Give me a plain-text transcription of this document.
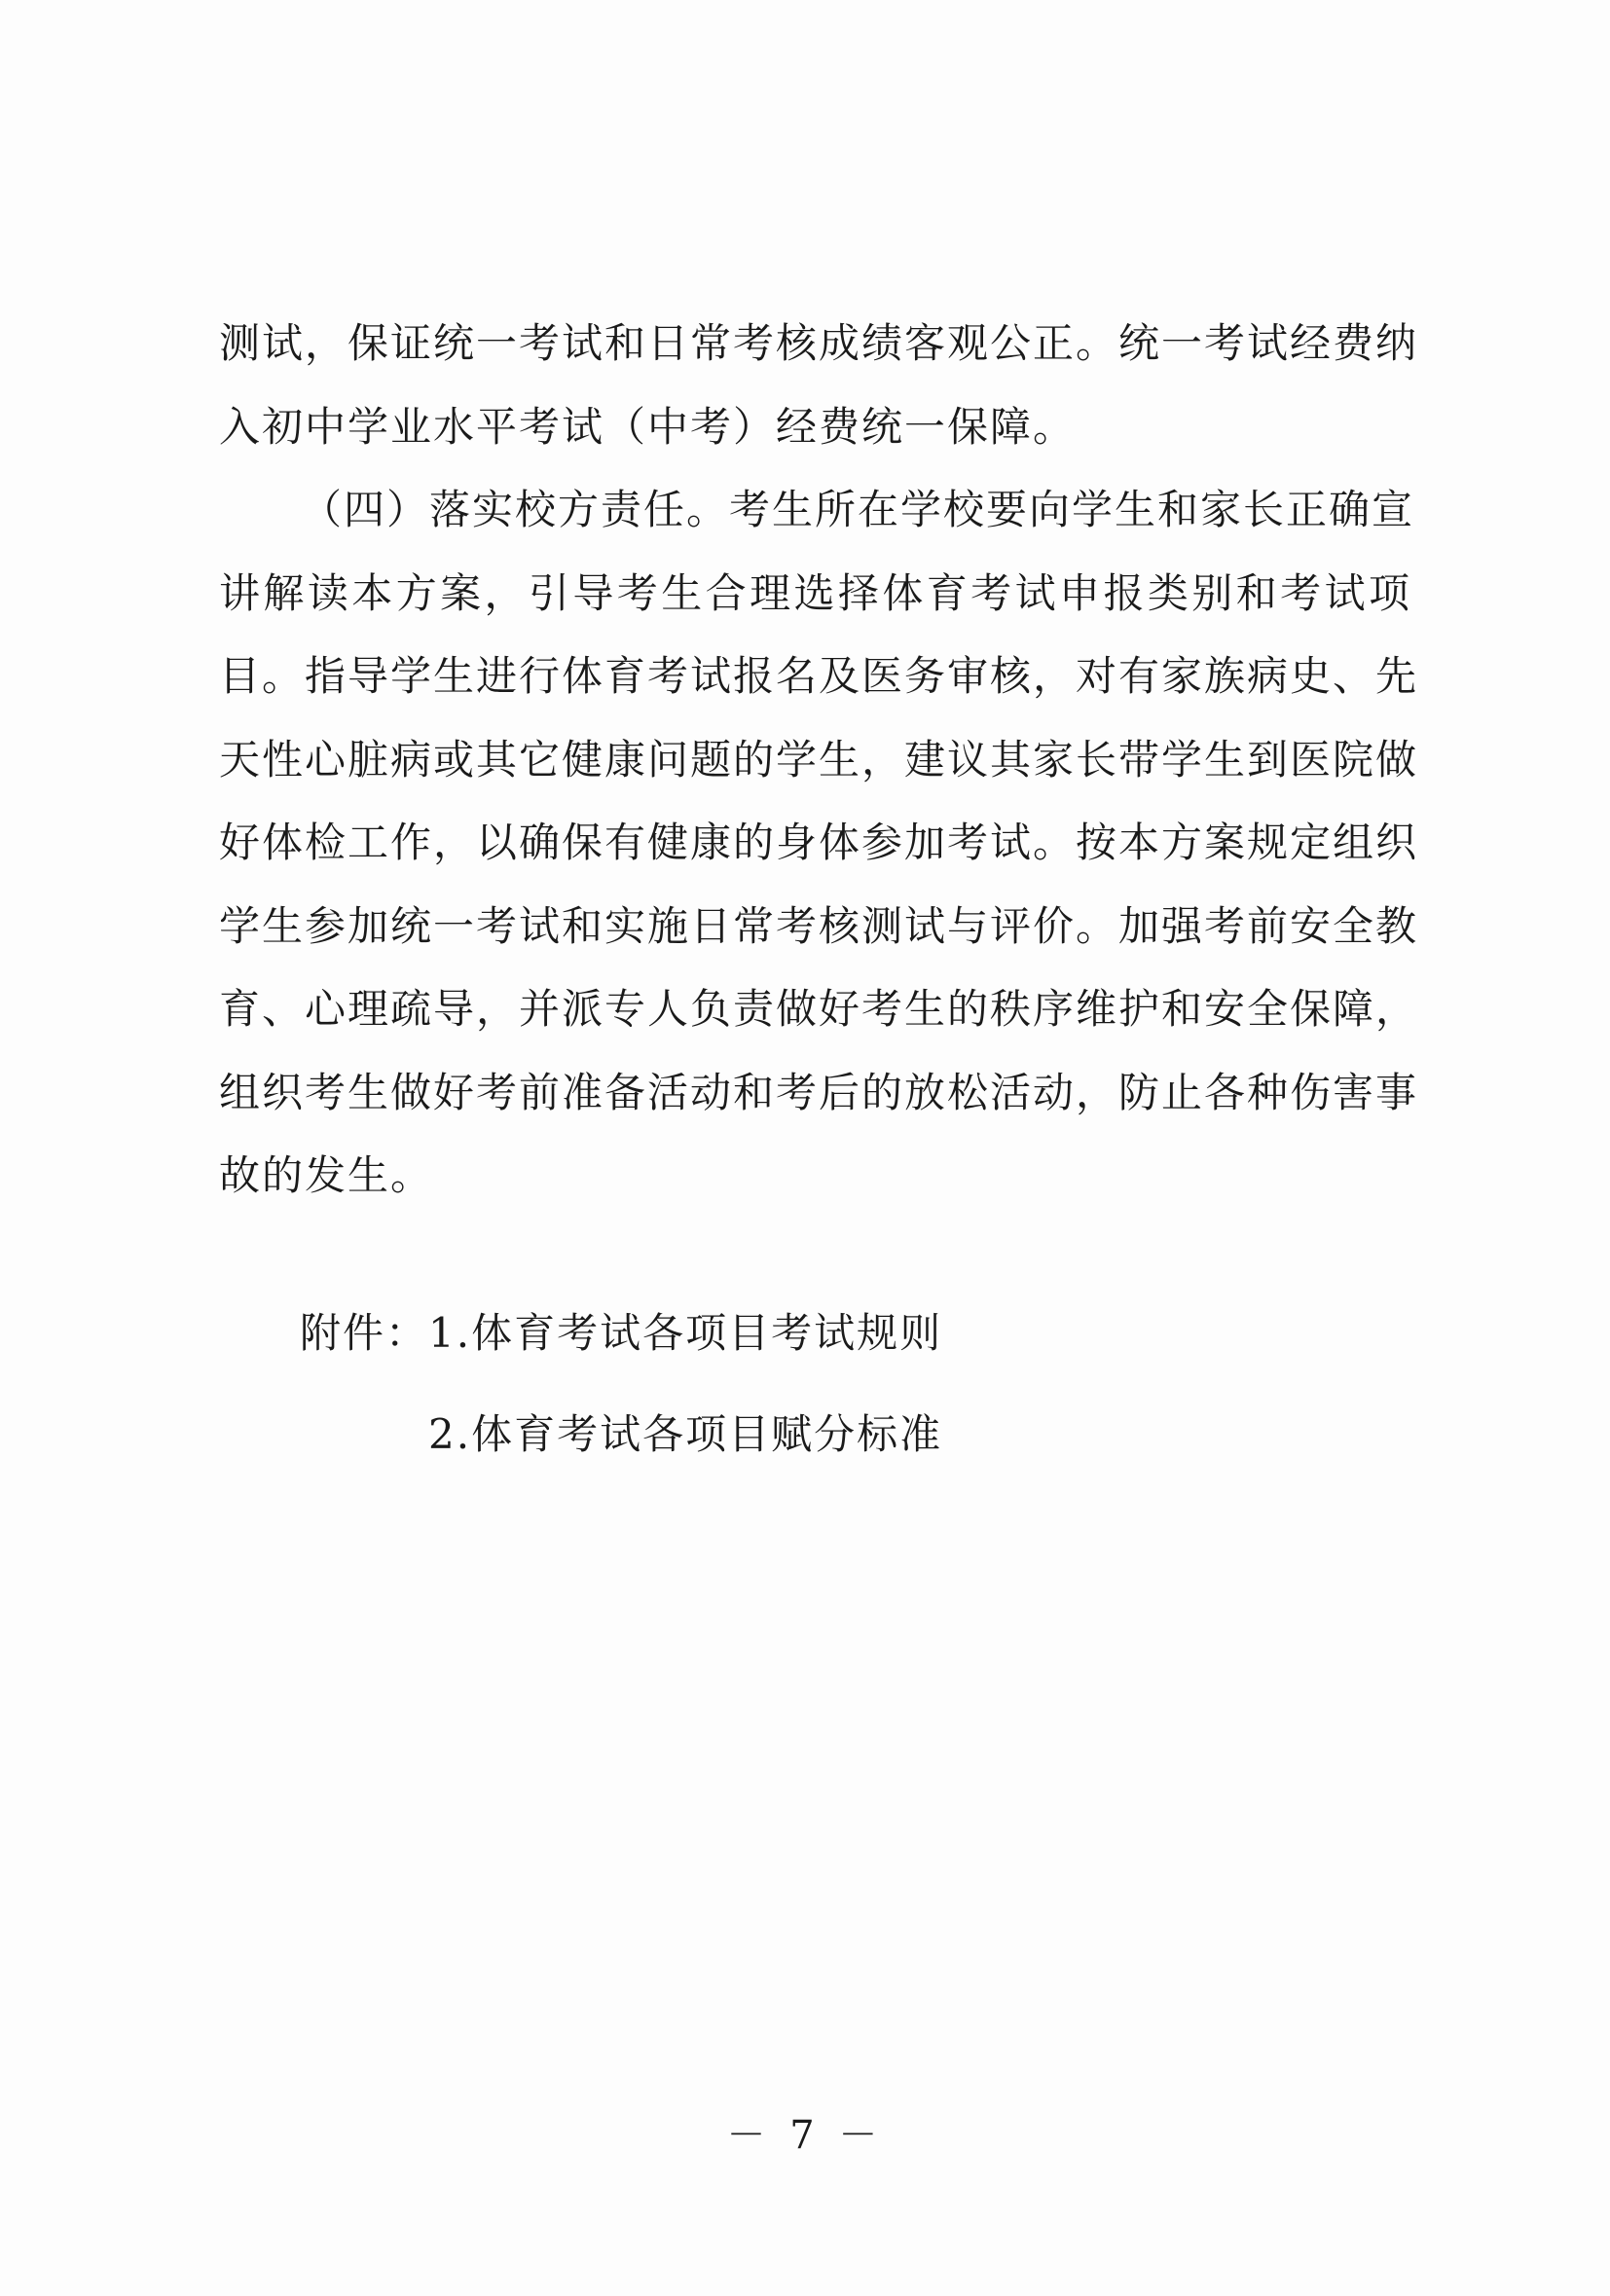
测试，保证统一考试和日常考核成绩客观公正。统一考试经费纳
入初中学业水平考试（中考）经费统一保障。

（四）落实校方责任。考生所在学校要向学生和家长正确宣
讲解读本方案，引导考生合理选择体育考试申报类别和考试项
目。指导学生进行体育考试报名及医务审核，对有家族病史、先
天性心脏病或其它健康问题的学生，建议其家长带学生到医院做
好体检工作，以确保有健康的身体参加考试。按本方案规定组织
学生参加统一考试和实施日常考核测试与评价。加强考前安全教
育、心理疏导，并派专人负责做好考生的秩序维护和安全保障，
组织考生做好考前准备活动和考后的放松活动，防止各种伤害事
故的发生。

附件： 1.体育考试各项目考试规则
2.体育考试各项目赋分标准
－ 7 －
